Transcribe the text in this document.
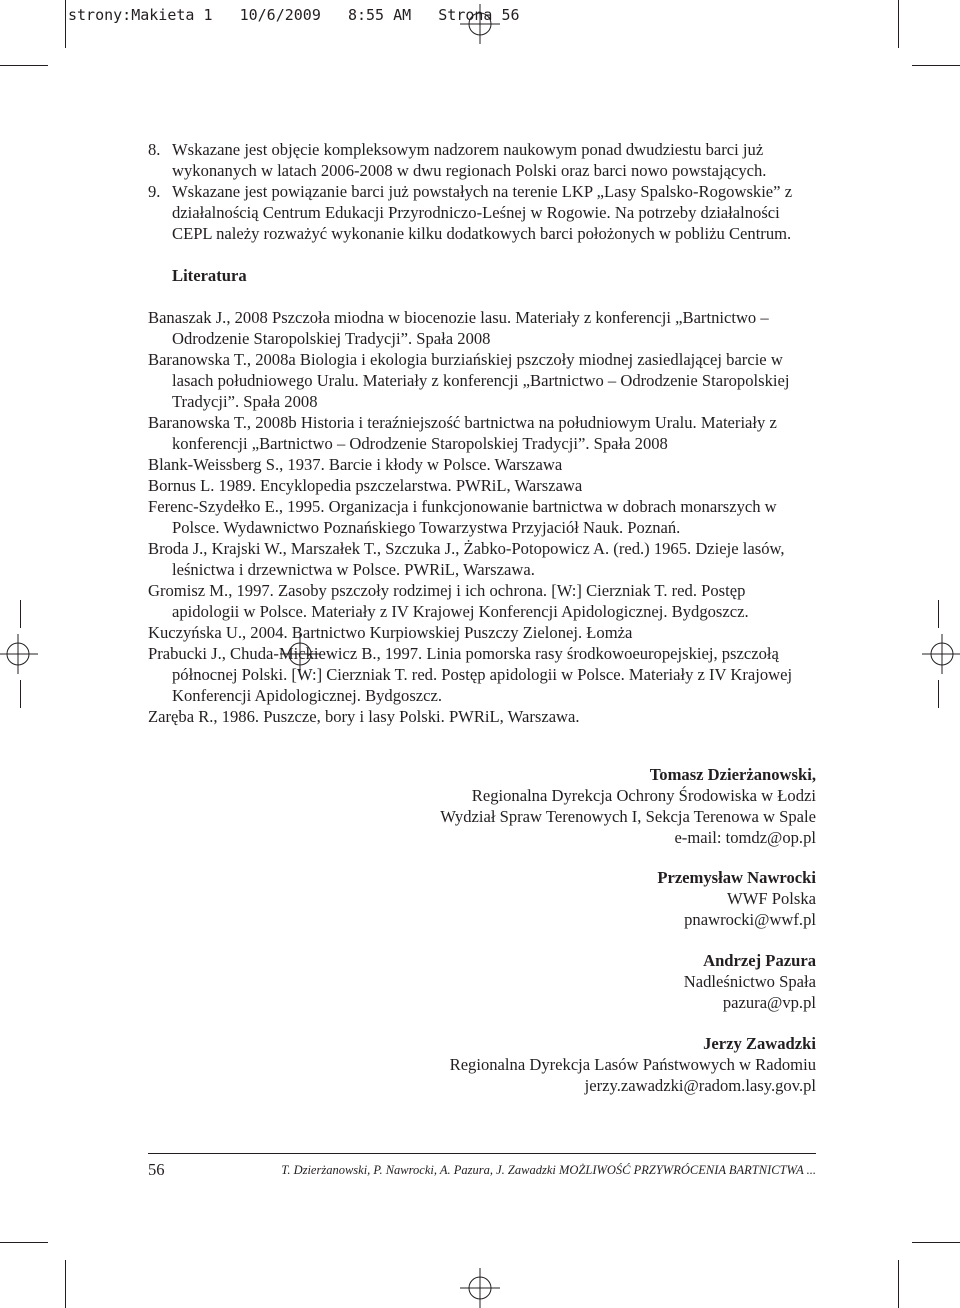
strony:Makieta 1   10/6/2009   8:55 AM   Strona 56
8. Wskazane jest objęcie kompleksowym nadzorem naukowym ponad dwudziestu barci już wykonanych w latach 2006-2008 w dwu regionach Polski oraz barci nowo powstających.
9. Wskazane jest powiązanie barci już powstałych na terenie LKP „Lasy Spalsko-Rogowskie” z działalnością Centrum Edukacji Przyrodniczo-Leśnej w Rogowie. Na potrzeby działalności CEPL należy rozważyć wykonanie kilku dodatkowych barci położonych w pobliżu Centrum.

Literatura

Banaszak J., 2008 Pszczoła miodna w biocenozie lasu. Materiały z konferencji „Bartnictwo – Odrodzenie Staropolskiej Tradycji”. Spała 2008
Baranowska T., 2008a Biologia i ekologia burziańskiej pszczoły miodnej zasiedlającej barcie w lasach południowego Uralu. Materiały z konferencji „Bartnictwo – Odrodzenie Staropolskiej Tradycji”. Spała 2008
Baranowska T., 2008b Historia i teraźniejszość bartnictwa na południowym Uralu. Materiały z konferencji „Bartnictwo – Odrodzenie Staropolskiej Tradycji”. Spała 2008
Blank-Weissberg S., 1937. Barcie i kłody w Polsce. Warszawa
Bornus L. 1989. Encyklopedia pszczelarstwa. PWRiL, Warszawa
Ferenc-Szydełko E., 1995. Organizacja i funkcjonowanie bartnictwa w dobrach monarszych w Polsce. Wydawnictwo Poznańskiego Towarzystwa Przyjaciół Nauk. Poznań.
Broda J., Krajski W., Marszałek T., Szczuka J., Żabko-Potopowicz A. (red.) 1965. Dzieje lasów, leśnictwa i drzewnictwa w Polsce. PWRiL, Warszawa.
Gromisz M., 1997. Zasoby pszczoły rodzimej i ich ochrona. [W:] Cierzniak T. red. Postęp apidologii w Polsce. Materiały z IV Krajowej Konferencji Apidologicznej. Bydgoszcz.
Kuczyńska U., 2004. Bartnictwo Kurpiowskiej Puszczy Zielonej. Łomża
Prabucki J., Chuda-Mickiewicz B., 1997. Linia pomorska rasy środkowoeuropejskiej, pszczołą północnej Polski. [W:] Cierzniak T. red. Postęp apidologii w Polsce. Materiały z IV Krajowej Konferencji Apidologicznej. Bydgoszcz.
Zaręba R., 1986. Puszcze, bory i lasy Polski. PWRiL, Warszawa.
Tomasz Dzierżanowski,
Regionalna Dyrekcja Ochrony Środowiska w Łodzi
Wydział Spraw Terenowych I, Sekcja Terenowa w Spale
e-mail: tomdz@op.pl
Przemysław Nawrocki
WWF Polska
pnawrocki@wwf.pl
Andrzej Pazura
Nadleśnictwo Spała
pazura@vp.pl
Jerzy Zawadzki
Regionalna Dyrekcja Lasów Państwowych w Radomiu
jerzy.zawadzki@radom.lasy.gov.pl
56	T. Dzierżanowski, P. Nawrocki, A. Pazura, J. Zawadzki MOŻLIWOŚĆ PRZYWRÓCENIA BARTNICTWA ...
